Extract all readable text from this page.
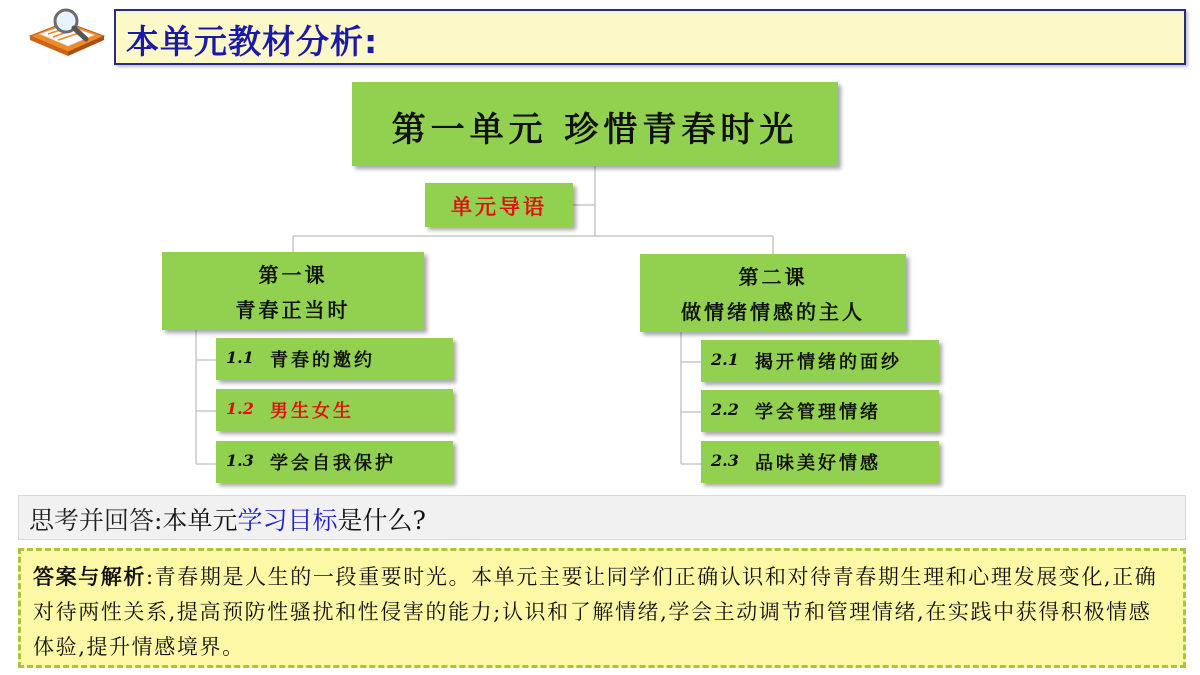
本单元教材分析:
第一单元 珍惜青春时光
单元导语
第一课
青春正当时
1.1 青春的邀约
1.2 男生女生
1.3 学会自我保护
第二课
做情绪情感的主人
2.1 揭开情绪的面纱
2.2 学会管理情绪
2.3 品味美好情感
思考并回答:本单元学习目标是什么?
答案与解析:青春期是人生的一段重要时光。本单元主要让同学们正确认识和对待青春期生理和心理发展变化,正确对待两性关系,提高预防性骚扰和性侵害的能力;认识和了解情绪,学会主动调节和管理情绪,在实践中获得积极情感体验,提升情感境界。
